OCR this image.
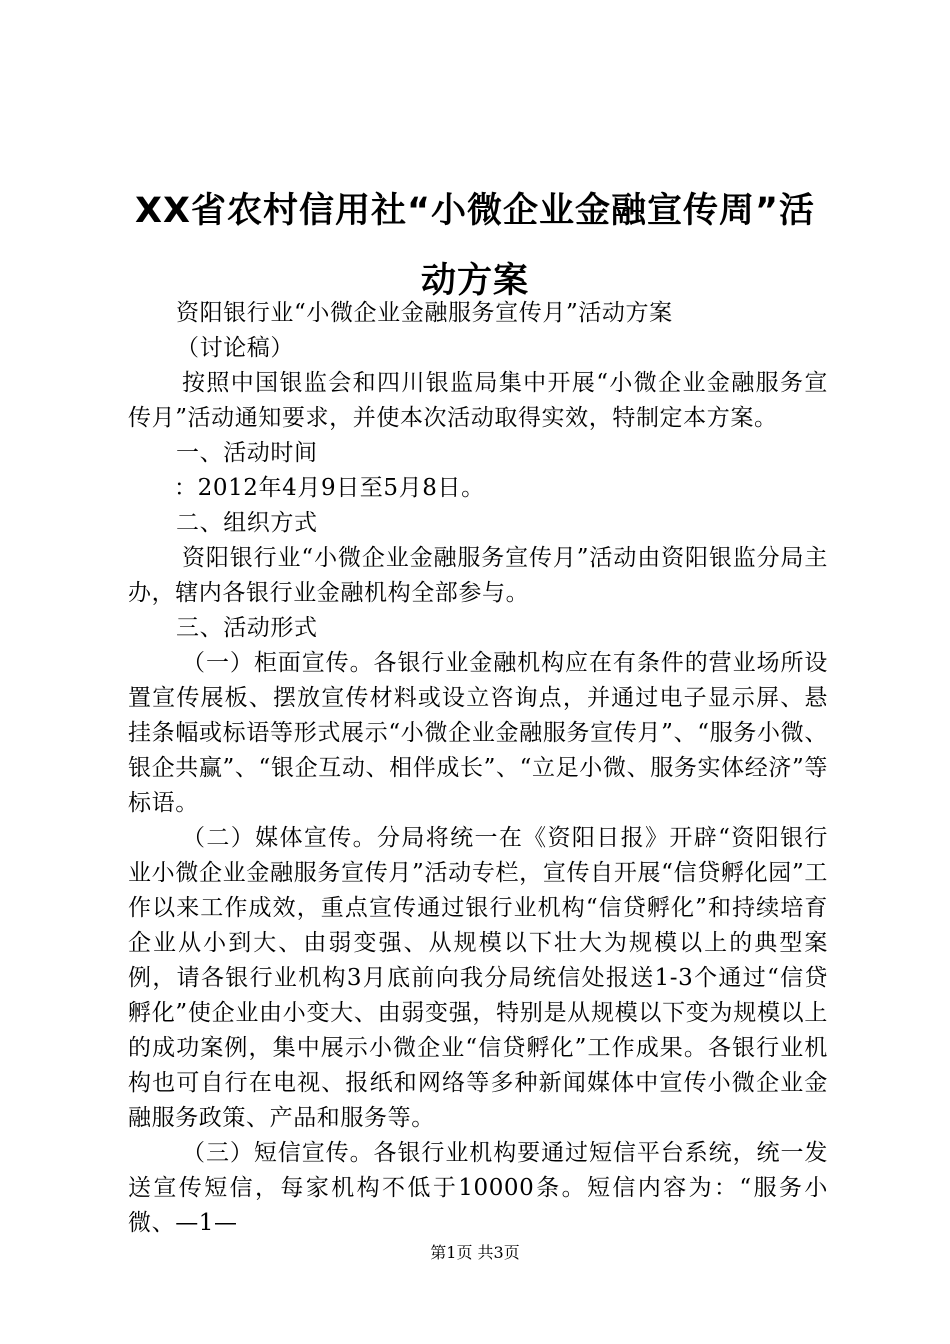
XX省农村信用社“小微企业金融宣传周”活动方案

资阳银行业“小微企业金融服务宣传月”活动方案

（讨论稿）

按照中国银监会和四川银监局集中开展“小微企业金融服务宣传月”活动通知要求，并使本次活动取得实效，特制定本方案。

一、活动时间

：2012年4月9日至5月8日。

二、组织方式

资阳银行业“小微企业金融服务宣传月”活动由资阳银监分局主办，辖内各银行业金融机构全部参与。

三、活动形式

（一）柜面宣传。各银行业金融机构应在有条件的营业场所设置宣传展板、摆放宣传材料或设立咨询点，并通过电子显示屏、悬挂条幅或标语等形式展示“小微企业金融服务宣传月”、“服务小微、银企共赢”、“银企互动、相伴成长”、“立足小微、服务实体经济”等标语。

（二）媒体宣传。分局将统一在《资阳日报》开辟“资阳银行业小微企业金融服务宣传月”活动专栏，宣传自开展“信贷孵化园”工作以来工作成效，重点宣传通过银行业机构“信贷孵化”和持续培育企业从小到大、由弱变强、从规模以下壮大为规模以上的典型案例，请各银行业机构3月底前向我分局统信处报送1-3个通过“信贷孵化”使企业由小变大、由弱变强，特别是从规模以下变为规模以上的成功案例，集中展示小微企业“信贷孵化”工作成果。各银行业机构也可自行在电视、报纸和网络等多种新闻媒体中宣传小微企业金融服务政策、产品和服务等。

（三）短信宣传。各银行业机构要通过短信平台系统，统一发送宣传短信，每家机构不低于10000条。短信内容为：“服务小微、—1—

第1页 共3页
